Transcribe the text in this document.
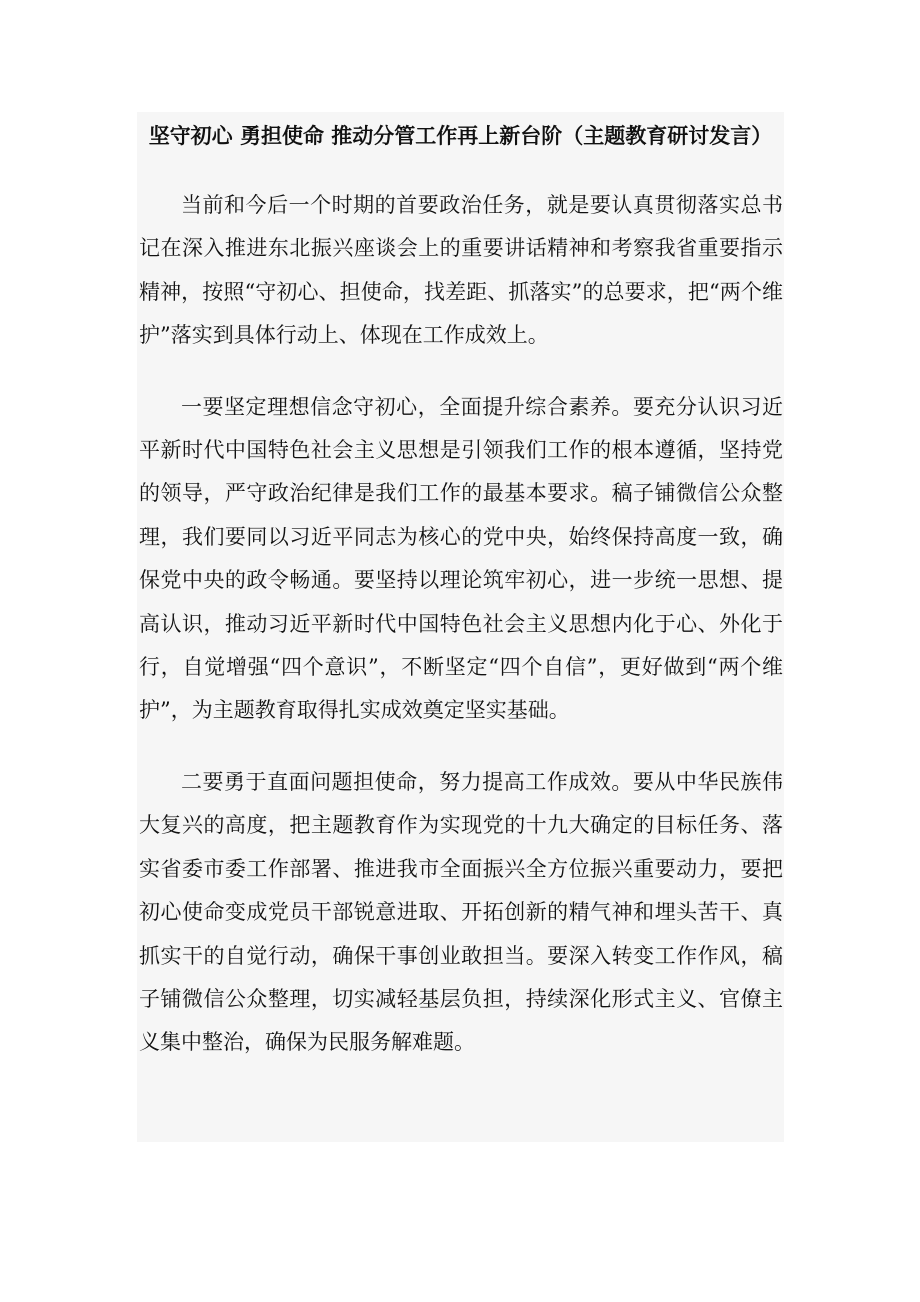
坚守初心 勇担使命 推动分管工作再上新台阶（主题教育研讨发言）

当前和今后一个时期的首要政治任务，就是要认真贯彻落实总书记在深入推进东北振兴座谈会上的重要讲话精神和考察我省重要指示精神，按照“守初心、担使命，找差距、抓落实”的总要求，把“两个维护”落实到具体行动上、体现在工作成效上。

一要坚定理想信念守初心，全面提升综合素养。要充分认识习近平新时代中国特色社会主义思想是引领我们工作的根本遵循，坚持党的领导，严守政治纪律是我们工作的最基本要求。稿子铺微信公众整理，我们要同以习近平同志为核心的党中央，始终保持高度一致，确保党中央的政令畅通。要坚持以理论筑牢初心，进一步统一思想、提高认识，推动习近平新时代中国特色社会主义思想内化于心、外化于行，自觉增强“四个意识”，不断坚定“四个自信”，更好做到“两个维护”，为主题教育取得扎实成效奠定坚实基础。

二要勇于直面问题担使命，努力提高工作成效。要从中华民族伟大复兴的高度，把主题教育作为实现党的十九大确定的目标任务、落实省委市委工作部署、推进我市全面振兴全方位振兴重要动力，要把初心使命变成党员干部锐意进取、开拓创新的精气神和埋头苦干、真抓实干的自觉行动，确保干事创业敢担当。要深入转变工作作风，稿子铺微信公众整理，切实减轻基层负担，持续深化形式主义、官僚主义集中整治，确保为民服务解难题。
